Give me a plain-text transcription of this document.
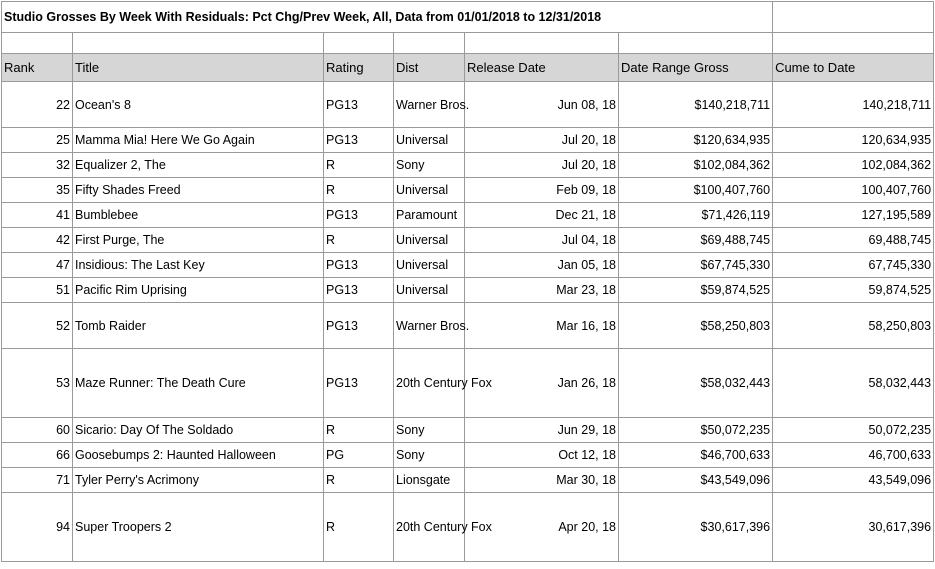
Studio Grosses By Week With Residuals: Pct Chg/Prev Week, All, Data from 01/01/2018 to 12/31/2018						

Rank	Title	Rating	Dist	Release Date	Date Range Gross	Cume to Date
22	Ocean's 8	PG13	Warner Bros.	Jun 08, 18	$140,218,711	140,218,711
25	Mamma Mia! Here We Go Again	PG13	Universal	Jul 20, 18	$120,634,935	120,634,935
32	Equalizer 2, The	R	Sony	Jul 20, 18	$102,084,362	102,084,362
35	Fifty Shades Freed	R	Universal	Feb 09, 18	$100,407,760	100,407,760
41	Bumblebee	PG13	Paramount	Dec 21, 18	$71,426,119	127,195,589
42	First Purge, The	R	Universal	Jul 04, 18	$69,488,745	69,488,745
47	Insidious: The Last Key	PG13	Universal	Jan 05, 18	$67,745,330	67,745,330
51	Pacific Rim Uprising	PG13	Universal	Mar 23, 18	$59,874,525	59,874,525
52	Tomb Raider	PG13	Warner Bros.	Mar 16, 18	$58,250,803	58,250,803
53	Maze Runner: The Death Cure	PG13	20th Century Fox	Jan 26, 18	$58,032,443	58,032,443
60	Sicario: Day Of The Soldado	R	Sony	Jun 29, 18	$50,072,235	50,072,235
66	Goosebumps 2: Haunted Halloween	PG	Sony	Oct 12, 18	$46,700,633	46,700,633
71	Tyler Perry's Acrimony	R	Lionsgate	Mar 30, 18	$43,549,096	43,549,096
94	Super Troopers 2	R	20th Century Fox	Apr 20, 18	$30,617,396	30,617,396
